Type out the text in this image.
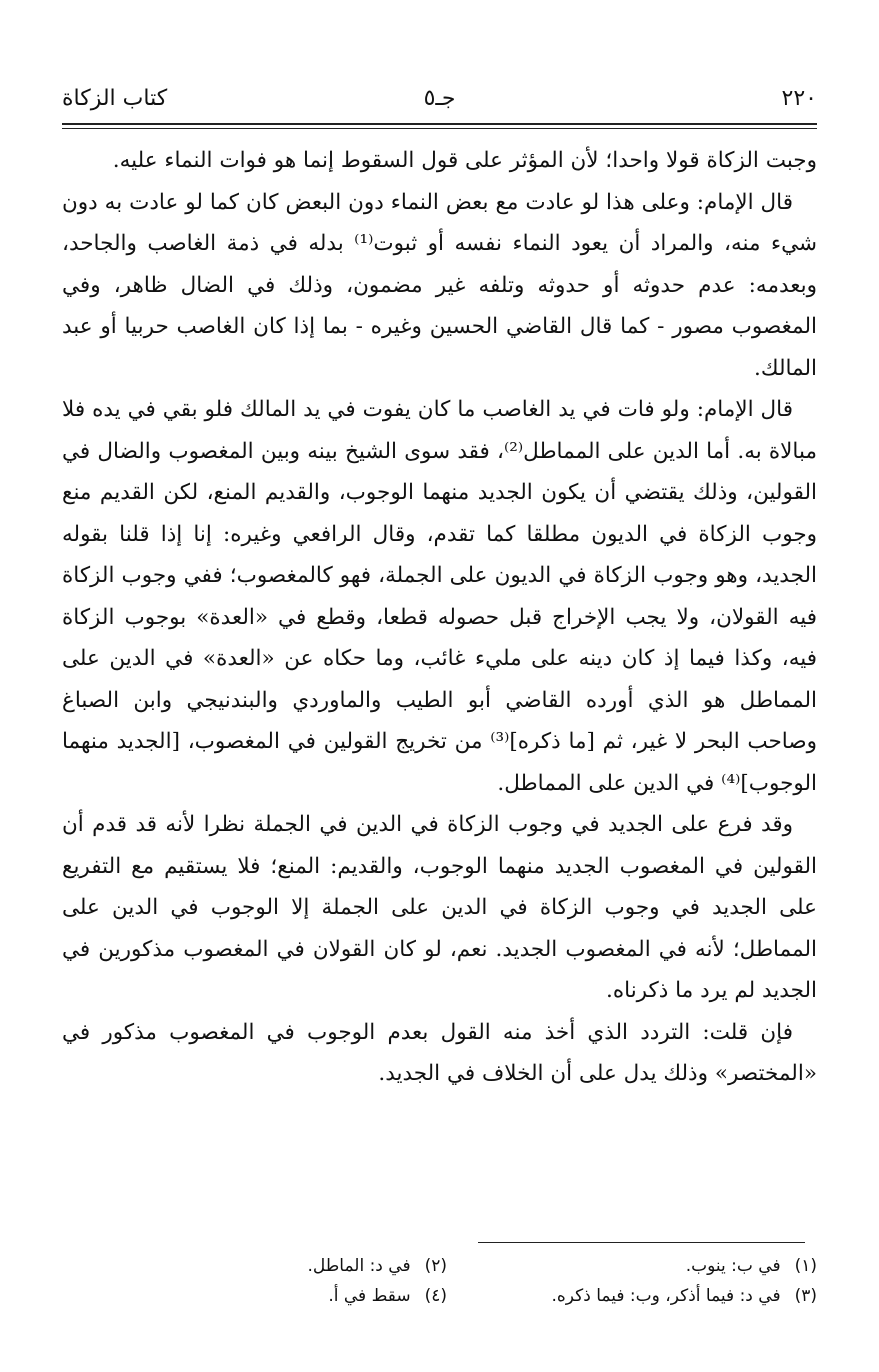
٢٢٠
جـ٥
كتاب الزكاة

وجبت الزكاة قولا واحدا؛ لأن المؤثر على قول السقوط إنما هو فوات النماء عليه.

قال الإمام: وعلى هذا لو عادت مع بعض النماء دون البعض كان كما لو عادت به دون شيء منه، والمراد أن يعود النماء نفسه أو ثبوت⁽¹⁾ بدله في ذمة الغاصب والجاحد، وبعدمه: عدم حدوثه أو حدوثه وتلفه غير مضمون، وذلك في الضال ظاهر، وفي المغصوب مصور - كما قال القاضي الحسين وغيره - بما إذا كان الغاصب حربيا أو عبد المالك.

قال الإمام: ولو فات في يد الغاصب ما كان يفوت في يد المالك فلو بقي في يده فلا مبالاة به. أما الدين على المماطل⁽²⁾، فقد سوى الشيخ بينه وبين المغصوب والضال في القولين، وذلك يقتضي أن يكون الجديد منهما الوجوب، والقديم المنع، لكن القديم منع وجوب الزكاة في الديون مطلقا كما تقدم، وقال الرافعي وغيره: إنا إذا قلنا بقوله الجديد، وهو وجوب الزكاة في الديون على الجملة، فهو كالمغصوب؛ ففي وجوب الزكاة فيه القولان، ولا يجب الإخراج قبل حصوله قطعا، وقطع في «العدة» بوجوب الزكاة فيه، وكذا فيما إذ كان دينه على مليء غائب، وما حكاه عن «العدة» في الدين على المماطل هو الذي أورده القاضي أبو الطيب والماوردي والبندنيجي وابن الصباغ وصاحب البحر لا غير، ثم [ما ذكره]⁽³⁾ من تخريج القولين في المغصوب، [الجديد منهما الوجوب]⁽⁴⁾ في الدين على المماطل.

وقد فرع على الجديد في وجوب الزكاة في الدين في الجملة نظرا لأنه قد قدم أن القولين في المغصوب الجديد منهما الوجوب، والقديم: المنع؛ فلا يستقيم مع التفريع على الجديد في وجوب الزكاة في الدين على الجملة إلا الوجوب في الدين على المماطل؛ لأنه في المغصوب الجديد. نعم، لو كان القولان في المغصوب مذكورين في الجديد لم يرد ما ذكرناه.

فإن قلت: التردد الذي أخذ منه القول بعدم الوجوب في المغصوب مذكور في «المختصر» وذلك يدل على أن الخلاف في الجديد.

(١)في ب: ينوب.
(٢)في د: الماطل.
(٣)في د: فيما أذكر، وب: فيما ذكره.
(٤)سقط في أ.
